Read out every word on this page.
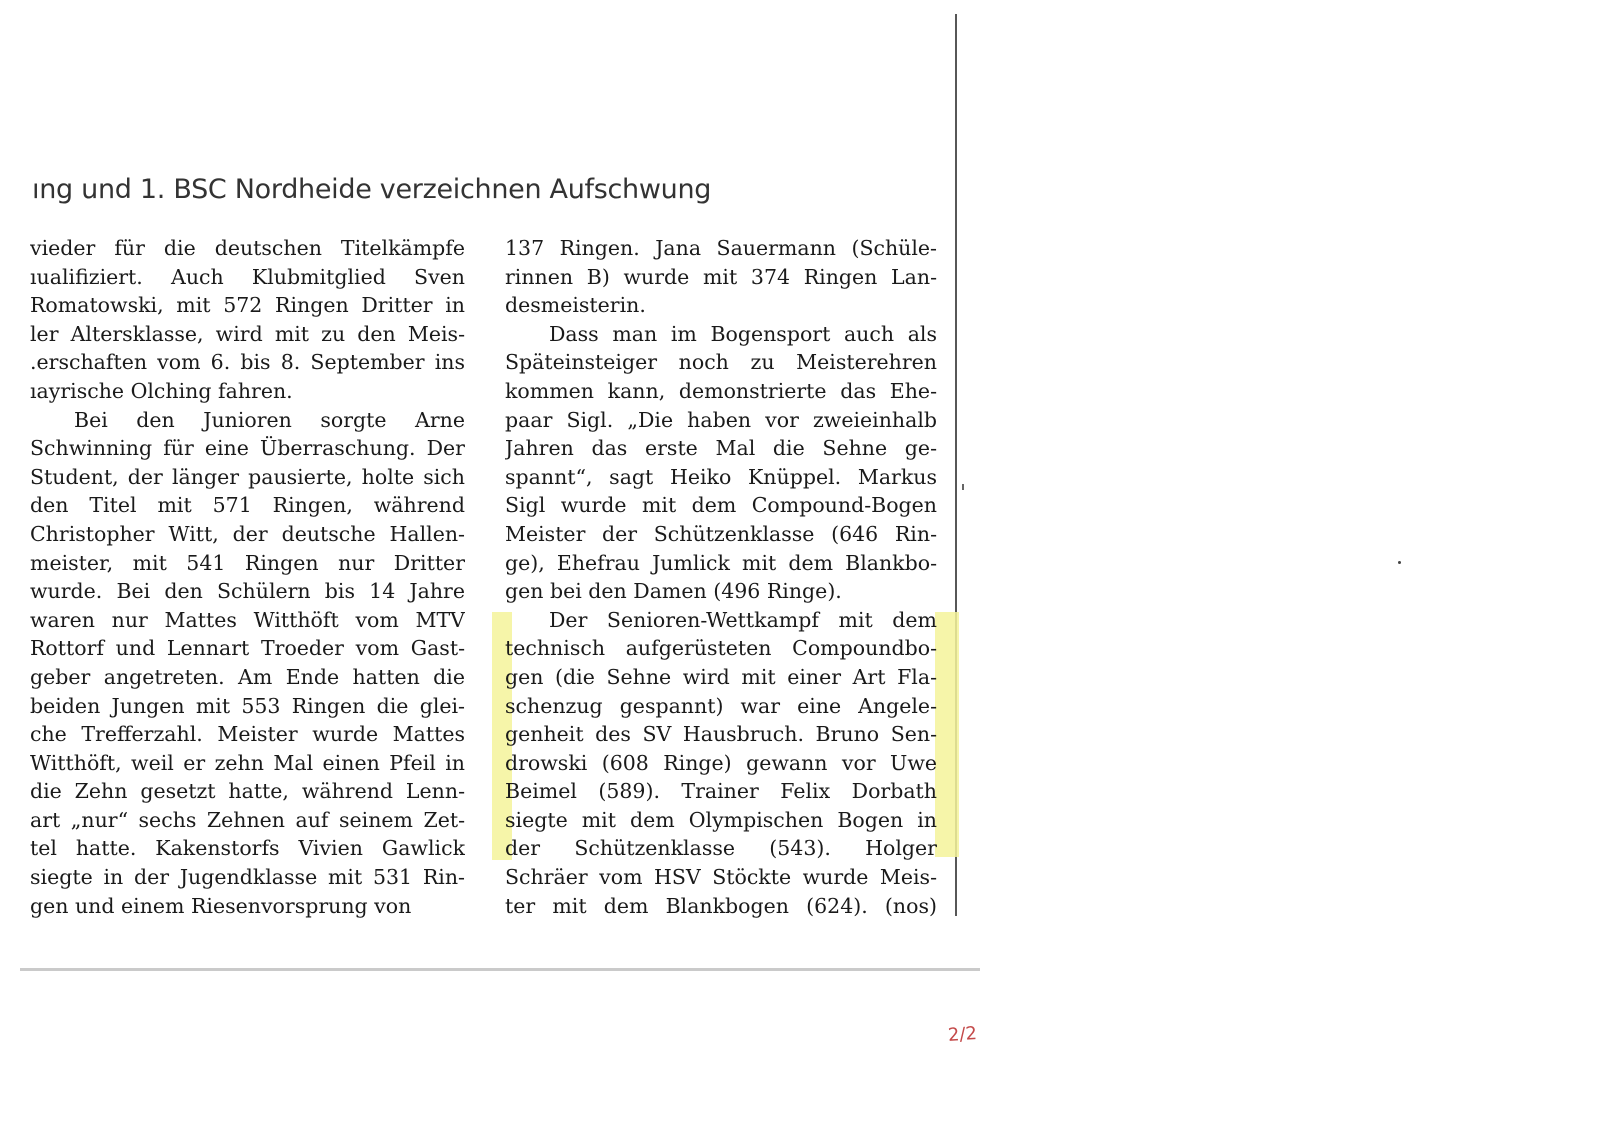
ıng und 1. BSC Nordheide verzeichnen Aufschwung
vieder für die deutschen Titelkämpfe
ıualifiziert. Auch Klubmitglied Sven
Romatowski, mit 572 Ringen Dritter in
ler Altersklasse, wird mit zu den Meis-
.erschaften vom 6. bis 8. September ins
ıayrische Olching fahren.
Bei den Junioren sorgte Arne
Schwinning für eine Überraschung. Der
Student, der länger pausierte, holte sich
den Titel mit 571 Ringen, während
Christopher Witt, der deutsche Hallen-
meister, mit 541 Ringen nur Dritter
wurde. Bei den Schülern bis 14 Jahre
waren nur Mattes Witthöft vom MTV
Rottorf und Lennart Troeder vom Gast-
geber angetreten. Am Ende hatten die
beiden Jungen mit 553 Ringen die glei-
che Trefferzahl. Meister wurde Mattes
Witthöft, weil er zehn Mal einen Pfeil in
die Zehn gesetzt hatte, während Lenn-
art „nur“ sechs Zehnen auf seinem Zet-
tel hatte. Kakenstorfs Vivien Gawlick
siegte in der Jugendklasse mit 531 Rin-
gen und einem Riesenvorsprung von
137 Ringen. Jana Sauermann (Schüle-
rinnen B) wurde mit 374 Ringen Lan-
desmeisterin.
Dass man im Bogensport auch als
Späteinsteiger noch zu Meisterehren
kommen kann, demonstrierte das Ehe-
paar Sigl. „Die haben vor zweieinhalb
Jahren das erste Mal die Sehne ge-
spannt“, sagt Heiko Knüppel. Markus
Sigl wurde mit dem Compound-Bogen
Meister der Schützenklasse (646 Rin-
ge), Ehefrau Jumlick mit dem Blankbo-
gen bei den Damen (496 Ringe).
Der Senioren-Wettkampf mit dem
technisch aufgerüsteten Compoundbo-
gen (die Sehne wird mit einer Art Fla-
schenzug gespannt) war eine Angele-
genheit des SV Hausbruch. Bruno Sen-
drowski (608 Ringe) gewann vor Uwe
Beimel (589). Trainer Felix Dorbath
siegte mit dem Olympischen Bogen in
der Schützenklasse (543). Holger
Schräer vom HSV Stöckte wurde Meis-
ter mit dem Blankbogen (624). (nos)
2/2
